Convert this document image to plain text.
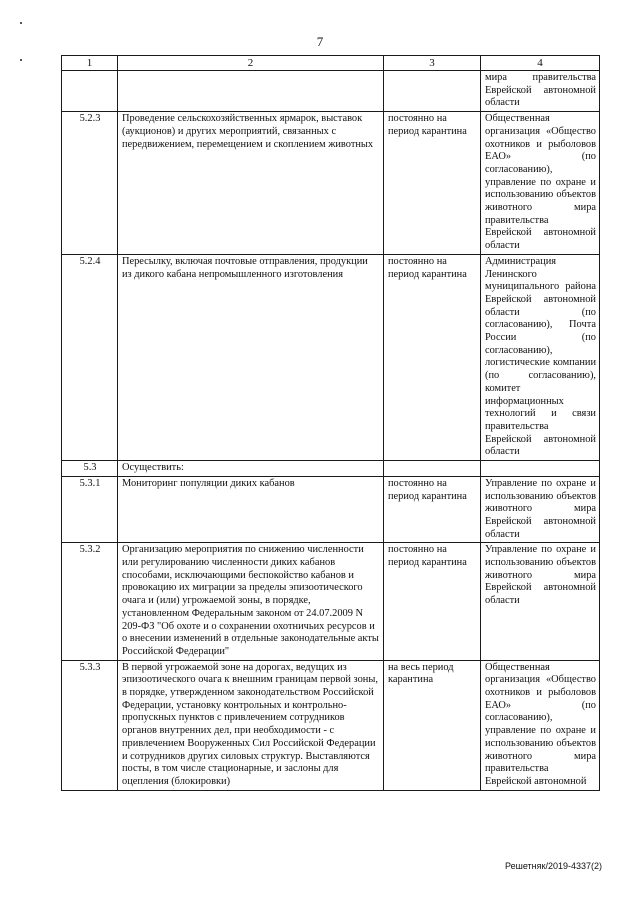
7
1	2	3	4
			мира правительства Еврейской автономной области
5.2.3	Проведение сельскохозяйственных ярмарок, выставок (аукционов) и других мероприятий, связанных с передвижением, перемещением и скоплением животных	постоянно на период карантина	Общественная организация «Общество охотников и рыболовов ЕАО» (по согласованию), управление по охране и использованию объектов животного мира правительства Еврейской автономной области
5.2.4	Пересылку, включая почтовые отправления, продукции из дикого кабана непромышленного изготовления	постоянно на период карантина	Администрация Ленинского муниципального района Еврейской автономной области (по согласованию), Почта России (по согласованию), логистические компании (по согласованию), комитет информационных технологий и связи правительства Еврейской автономной области
5.3	Осуществить:		
5.3.1	Мониторинг популяции диких кабанов	постоянно на период карантина	Управление по охране и использованию объектов животного мира Еврейской автономной области
5.3.2	Организацию мероприятия по снижению численности или регулированию численности диких кабанов способами, исключающими беспокойство кабанов и провокацию их миграции за пределы эпизоотического очага и (или) угрожаемой зоны, в порядке, установленном Федеральным законом от 24.07.2009 N 209-ФЗ "Об охоте и о сохранении охотничьих ресурсов и о внесении изменений в отдельные законодательные акты Российской Федерации"	постоянно на период карантина	Управление по охране и использованию объектов животного мира Еврейской автономной области
5.3.3	В первой угрожаемой зоне на дорогах, ведущих из эпизоотического очага к внешним границам первой зоны, в порядке, утвержденном законодательством Российской Федерации, установку контрольных и контрольно-пропускных пунктов с привлечением сотрудников органов внутренних дел, при необходимости - с привлечением Вооруженных Сил Российской Федерации и сотрудников других силовых структур. Выставляются посты, в том числе стационарные, и заслоны для оцепления (блокировки)	на весь период карантина	Общественная организация «Общество охотников и рыболовов ЕАО» (по согласованию), управление по охране и использованию объектов животного мира правительства Еврейской автономной
Решетняк/2019-4337(2)
